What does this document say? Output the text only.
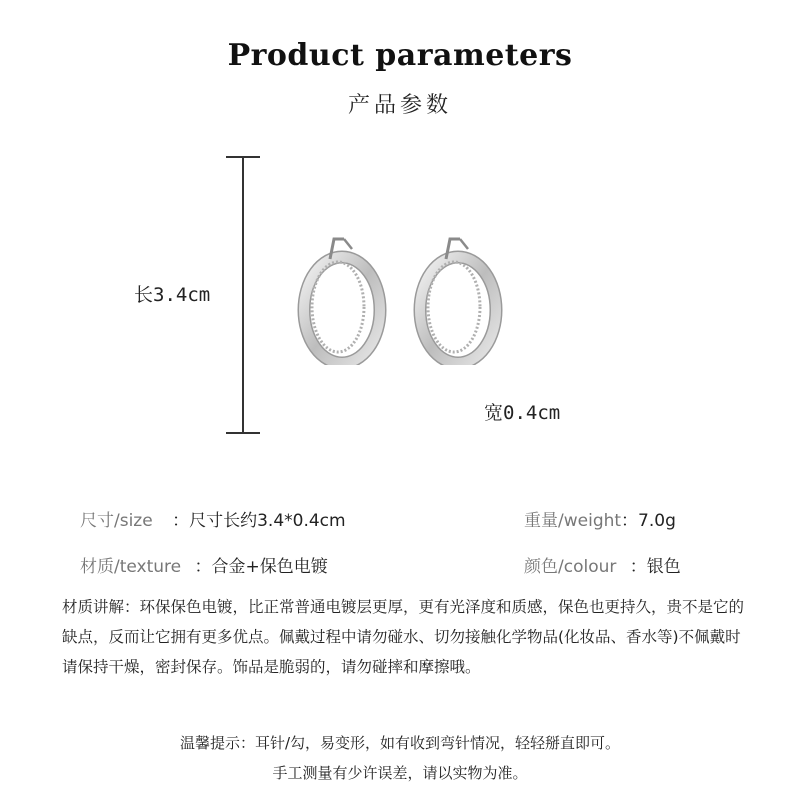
Product parameters
产品参数
长3.4cm
宽0.4cm
尺寸/size ：尺寸长约3.4*0.4cm	重量/weight：7.0g
材质/texture ：合金+保色电镀	颜色/colour ：银色
材质讲解：环保保色电镀，比正常普通电镀层更厚，更有光泽度和质感，保色也更持久，贵不是它的缺点，反而让它拥有更多优点。佩戴过程中请勿碰水、切勿接触化学物品(化妆品、香水等)不佩戴时请保持干燥，密封保存。饰品是脆弱的，请勿碰摔和摩擦哦。
温馨提示：耳针/勾，易变形，如有收到弯针情况，轻轻掰直即可。
手工测量有少许误差，请以实物为准。
